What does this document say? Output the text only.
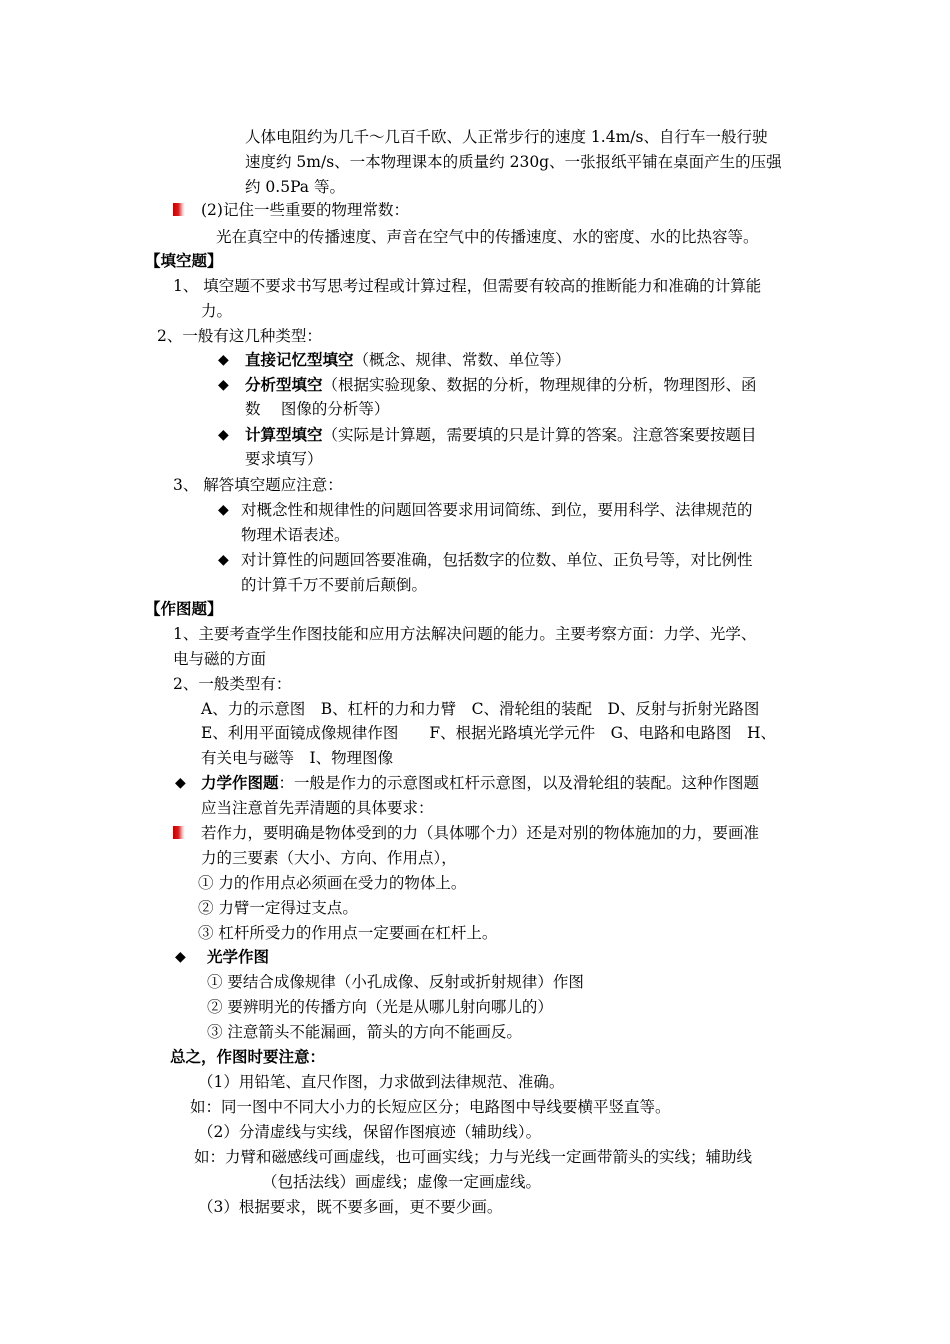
人体电阻约为几千～几百千欧、人正常步行的速度 1.4m/s、自行车一般行驶
速度约 5m/s、一本物理课本的质量约 230g、一张报纸平铺在桌面产生的压强
约 0.5Pa 等。
(2)记住一些重要的物理常数：
光在真空中的传播速度、声音在空气中的传播速度、水的密度、水的比热容等。
【填空题】
1、 填空题不要求书写思考过程或计算过程，但需要有较高的推断能力和准确的计算能
力。
2、一般有这几种类型：
◆ 直接记忆型填空（概念、规律、常数、单位等）
◆ 分析型填空（根据实验现象、数据的分析，物理规律的分析，物理图形、函
数　 图像的分析等）
◆ 计算型填空（实际是计算题，需要填的只是计算的答案。注意答案要按题目
要求填写）
3、 解答填空题应注意：
◆ 对概念性和规律性的问题回答要求用词简练、到位，要用科学、法律规范的
物理术语表述。
◆ 对计算性的问题回答要准确，包括数字的位数、单位、正负号等，对比例性
的计算千万不要前后颠倒。
【作图题】
1、主要考查学生作图技能和应用方法解决问题的能力。主要考察方面：力学、光学、
电与磁的方面
2、一般类型有：
A、力的示意图　B、杠杆的力和力臂　C、滑轮组的装配　D、反射与折射光路图
E、利用平面镜成像规律作图　　F、根据光路填光学元件　G、电路和电路图　H、
有关电与磁等　I、物理图像
◆ 力学作图题：一般是作力的示意图或杠杆示意图，以及滑轮组的装配。这种作图题
应当注意首先弄清题的具体要求：
若作力，要明确是物体受到的力（具体哪个力）还是对别的物体施加的力，要画准
力的三要素（大小、方向、作用点），
① 力的作用点必须画在受力的物体上。
② 力臂一定得过支点。
③ 杠杆所受力的作用点一定要画在杠杆上。
◆ 光学作图
① 要结合成像规律（小孔成像、反射或折射规律）作图
② 要辨明光的传播方向（光是从哪儿射向哪儿的）
③ 注意箭头不能漏画，箭头的方向不能画反。
总之，作图时要注意：
（1）用铅笔、直尺作图，力求做到法律规范、准确。
如：同一图中不同大小力的长短应区分；电路图中导线要横平竖直等。
（2）分清虚线与实线，保留作图痕迹（辅助线）。
如：力臂和磁感线可画虚线，也可画实线；力与光线一定画带箭头的实线；辅助线
（包括法线）画虚线；虚像一定画虚线。
（3）根据要求，既不要多画，更不要少画。
